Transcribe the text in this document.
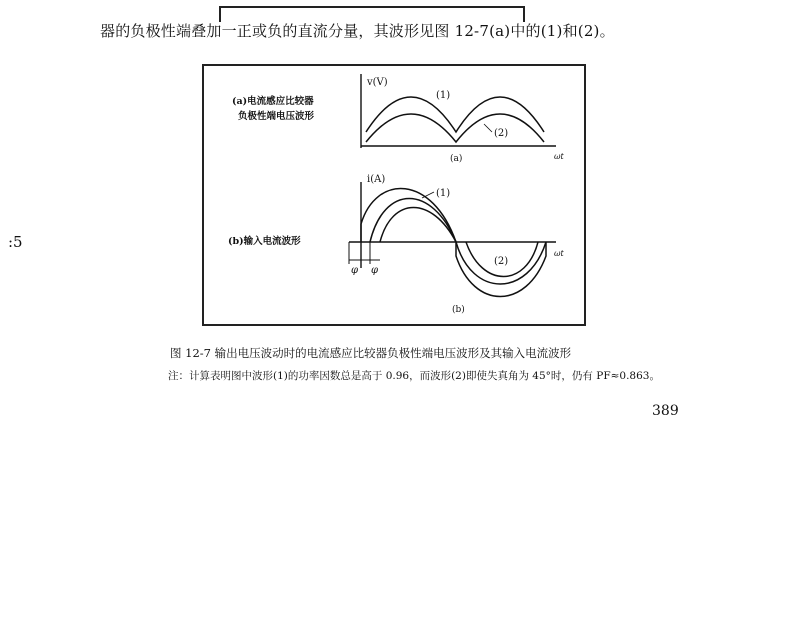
器的负极性端叠加一正或负的直流分量，其波形见图 12-7(a)中的(1)和(2)。
:5
(a)电流感应比较器
负极性端电压波形
v(V)
ωt
(1)
(2)
(a)
(b)输入电流波形
i(A)
ωt
(1)
(2)
φ φ
(b)
图 12-7 输出电压波动时的电流感应比较器负极性端电压波形及其输入电流波形
注：计算表明图中波形(1)的功率因数总是高于 0.96，而波形(2)即使失真角为 45°时，仍有 PF≈0.863。
389
